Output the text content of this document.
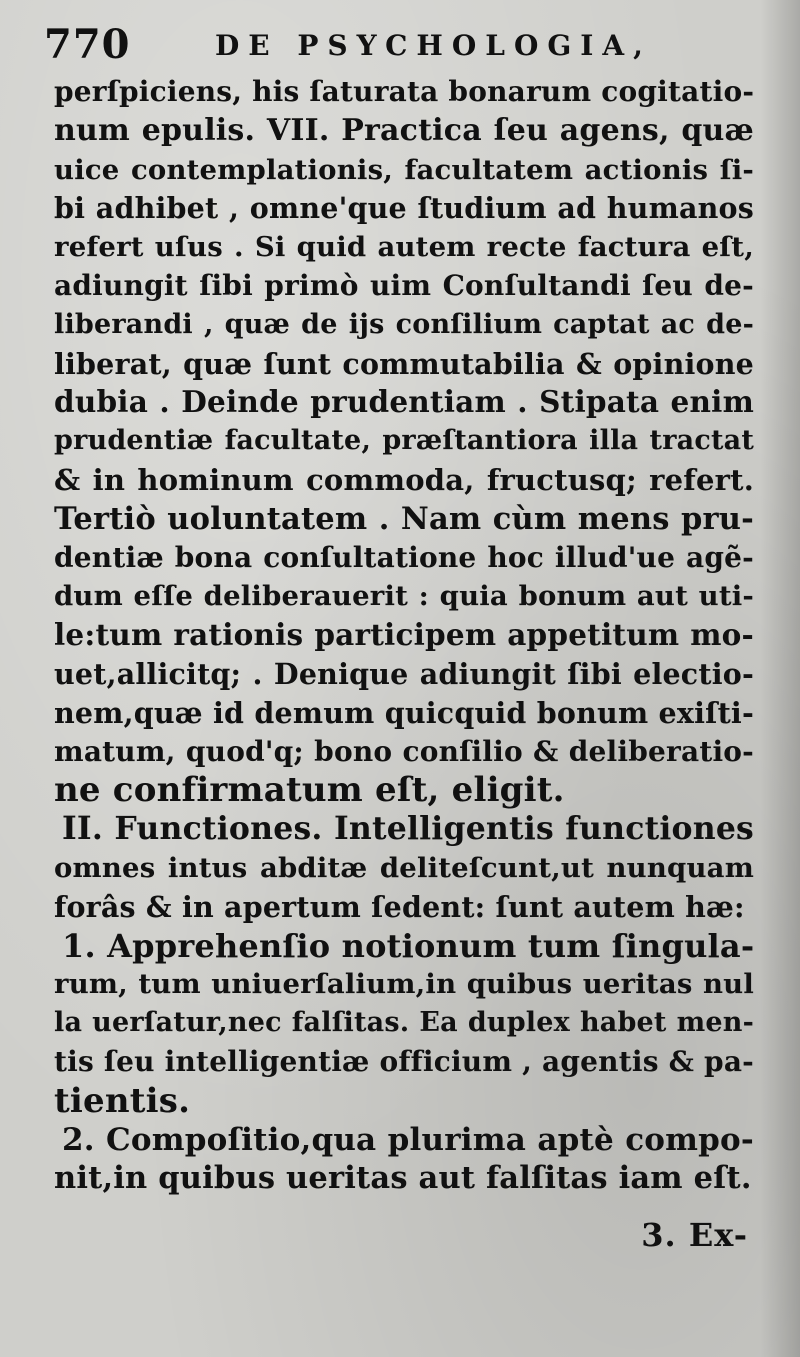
770	DE PSYCHOLOGIA,
perſpiciens, his ſaturata bonarum cogitatio-
num epulis. VII. Practica ſeu agens, quæ
uice contemplationis, facultatem actionis ſi-
bi adhibet , omne'que ſtudium ad humanos
refert uſus . Si quid autem recte factura eſt,
adiungit ſibi primò uim Conſultandi ſeu de-
liberandi , quæ de ijs conſilium captat ac de-
liberat, quæ ſunt commutabilia & opinione
dubia . Deinde prudentiam . Stipata enim
prudentiæ facultate, præſtantiora illa tractat
& in hominum commoda, fructusq; refert.
Tertiò uoluntatem . Nam cùm mens pru-
dentiæ bona conſultatione hoc illud'ue agẽ-
dum eſſe deliberauerit : quia bonum aut uti-
le:tum rationis participem appetitum mo-
uet,allicitq; . Denique adiungit ſibi electio-
nem,quæ id demum quicquid bonum exiſti-
matum, quod'q; bono conſilio & deliberatio-
ne confirmatum eſt, eligit.
II. Functiones. Intelligentis functiones
omnes intus abditæ deliteſcunt,ut nunquam
forâs & in apertum ſedent: ſunt autem hæ:
1. Apprehenſio notionum tum ſingula-
rum, tum uniuerſalium,in quibus ueritas nul
la uerſatur,nec falſitas. Ea duplex habet men-
tis ſeu intelligentiæ officium , agentis & pa-
tientis.
2. Compoſitio,qua plurima aptè compo-
nit,in quibus ueritas aut falſitas iam eſt.
3. Ex-
